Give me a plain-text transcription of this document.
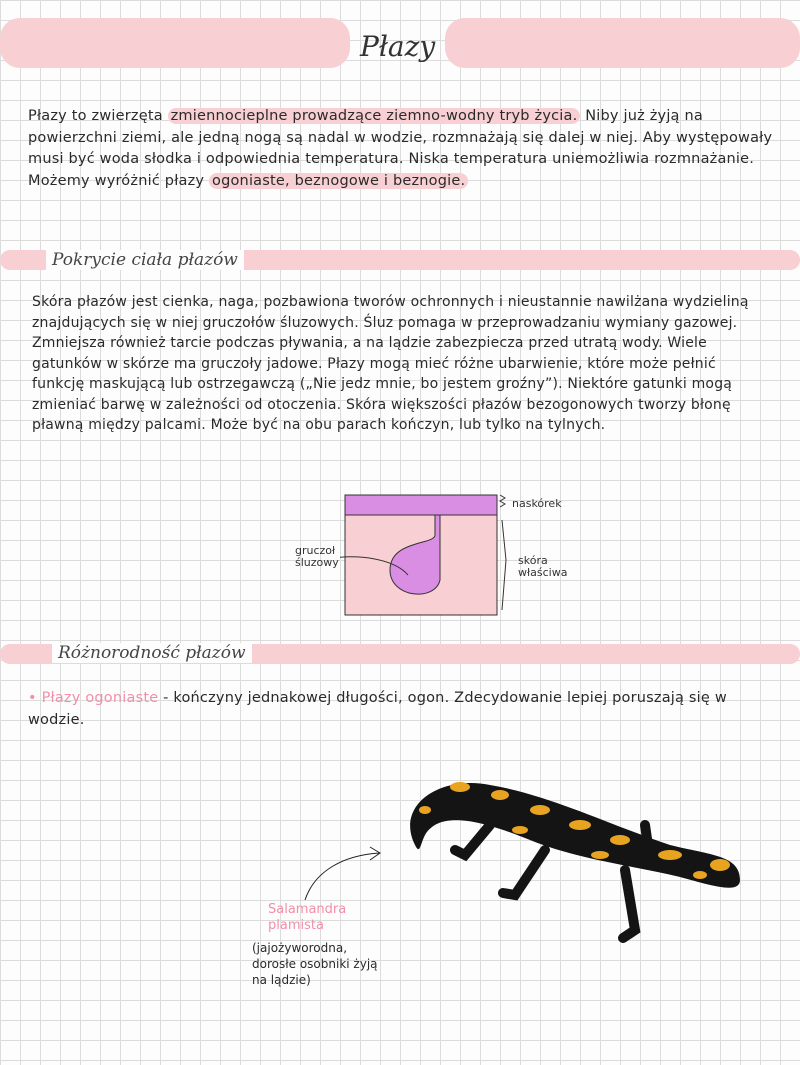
Płazy
Płazy to zwierzęta zmiennocieplne prowadzące ziemno-wodny tryb życia. Niby już żyją na powierzchni ziemi, ale jedną nogą są nadal w wodzie, rozmnażają się dalej w niej. Aby występowały musi być woda słodka i odpowiednia temperatura. Niska temperatura uniemożliwia rozmnażanie. Możemy wyróżnić płazy ogoniaste, beznogowe i beznogie.
Pokrycie ciała płazów
Skóra płazów jest cienka, naga, pozbawiona tworów ochronnych i nieustannie nawilżana wydzieliną znajdujących się w niej gruczołów śluzowych. Śluz pomaga w przeprowadzaniu wymiany gazowej. Zmniejsza również tarcie podczas pływania, a na lądzie zabezpiecza przed utratą wody. Wiele gatunków w skórze ma gruczoły jadowe. Płazy mogą mieć różne ubarwienie, które może pełnić funkcję maskującą lub ostrzegawczą („Nie jedz mnie, bo jestem groźny”). Niektóre gatunki mogą zmieniać barwę w zależności od otoczenia. Skóra większości płazów bezogonowych tworzy błonę pławną między palcami. Może być na obu parach kończyn, lub tylko na tylnych.
naskórek
gruczoł śluzowy	skóra właściwa
Różnorodność płazów
• Płazy ogoniaste - kończyny jednakowej długości, ogon. Zdecydowanie lepiej poruszają się w wodzie.
Salamandra plamista
(jajożyworodna, dorosłe osobniki żyją na lądzie)
